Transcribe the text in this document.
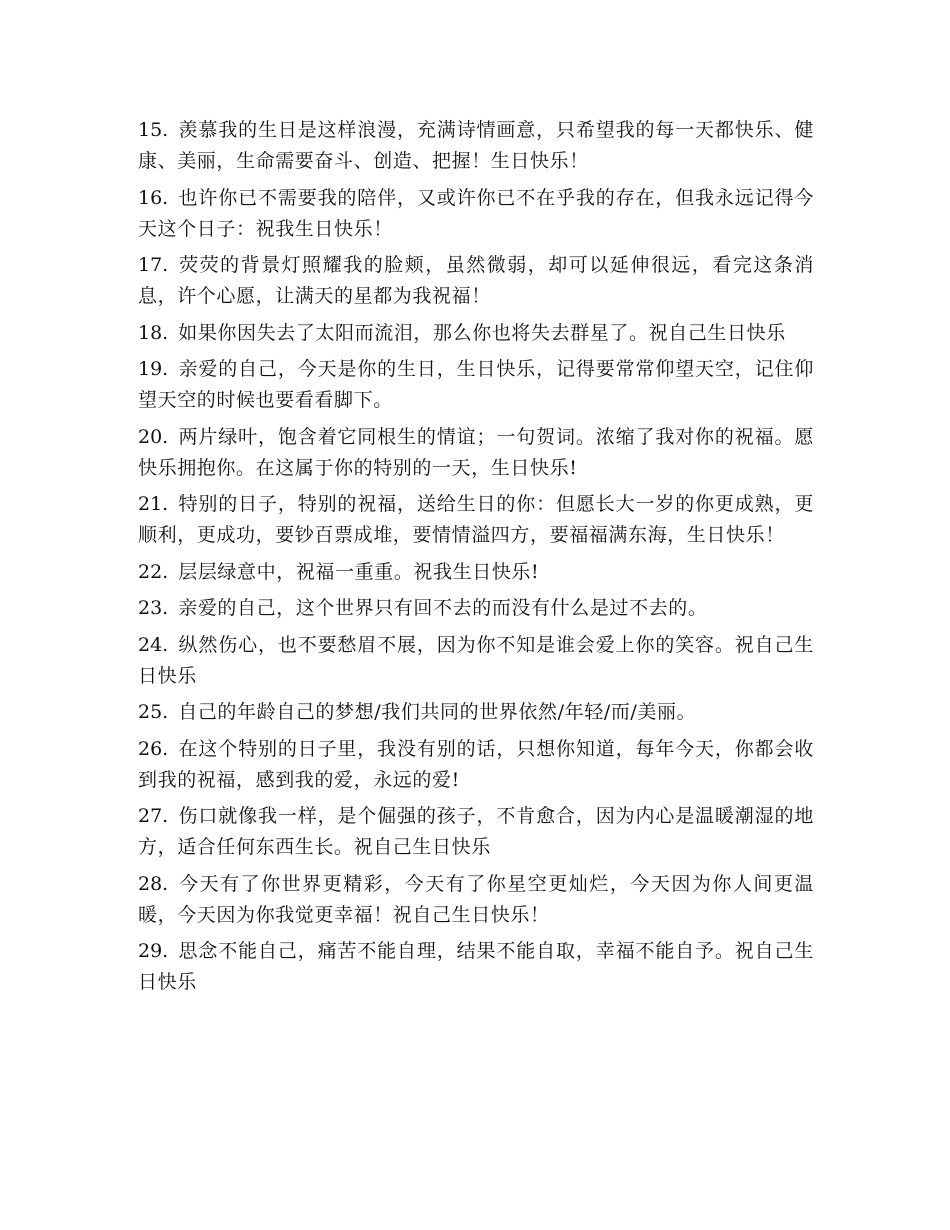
15. 羡慕我的生日是这样浪漫，充满诗情画意，只希望我的每一天都快乐、健康、美丽，生命需要奋斗、创造、把握！生日快乐！

16. 也许你已不需要我的陪伴，又或许你已不在乎我的存在，但我永远记得今天这个日子：祝我生日快乐！

17. 荧荧的背景灯照耀我的脸颊，虽然微弱，却可以延伸很远，看完这条消息，许个心愿，让满天的星都为我祝福！

18. 如果你因失去了太阳而流泪，那么你也将失去群星了。祝自己生日快乐

19. 亲爱的自己，今天是你的生日，生日快乐，记得要常常仰望天空，记住仰望天空的时候也要看看脚下。

20. 两片绿叶，饱含着它同根生的情谊；一句贺词。浓缩了我对你的祝福。愿快乐拥抱你。在这属于你的特别的一天，生日快乐!

21. 特别的日子，特别的祝福，送给生日的你：但愿长大一岁的你更成熟，更顺利，更成功，要钞百票成堆，要情情溢四方，要福福满东海，生日快乐！

22. 层层绿意中，祝福一重重。祝我生日快乐!

23. 亲爱的自己，这个世界只有回不去的而没有什么是过不去的。

24. 纵然伤心，也不要愁眉不展，因为你不知是谁会爱上你的笑容。祝自己生日快乐

25. 自己的年龄自己的梦想/我们共同的世界依然/年轻/而/美丽。

26. 在这个特别的日子里，我没有别的话，只想你知道，每年今天，你都会收到我的祝福，感到我的爱，永远的爱!

27. 伤口就像我一样，是个倔强的孩子，不肯愈合，因为内心是温暖潮湿的地方，适合任何东西生长。祝自己生日快乐

28. 今天有了你世界更精彩，今天有了你星空更灿烂，今天因为你人间更温暖，今天因为你我觉更幸福！祝自己生日快乐！

29. 思念不能自己，痛苦不能自理，结果不能自取，幸福不能自予。祝自己生日快乐
